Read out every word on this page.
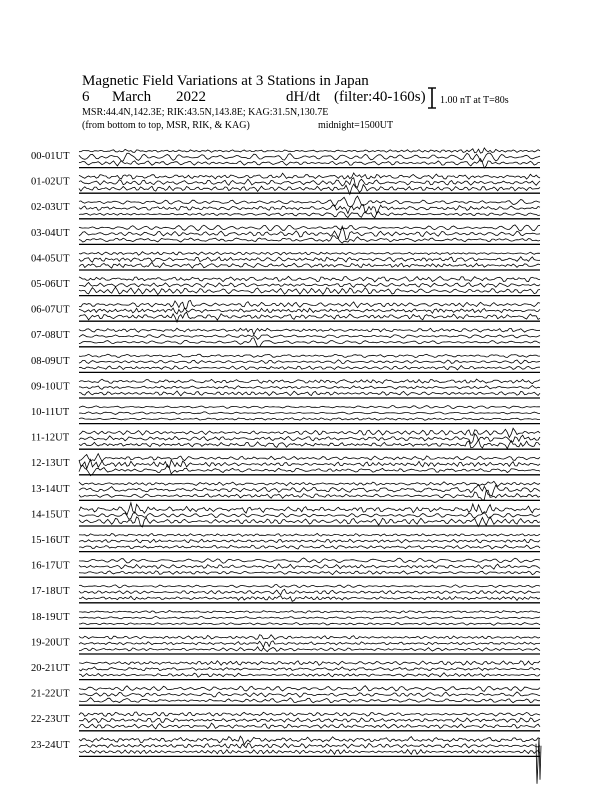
Magnetic Field Variations at 3 Stations in Japan
6 March 2022	dH/dt (filter:40-160s)
MSR:44.4N,142.3E; RIK:43.5N,143.8E; KAG:31.5N,130.7E
(from bottom to top, MSR, RIK, & KAG)	midnight=1500UT
1.00 nT at T=80s
00-01UT
01-02UT
02-03UT
03-04UT
04-05UT
05-06UT
06-07UT
07-08UT
08-09UT
09-10UT
10-11UT
11-12UT
12-13UT
13-14UT
14-15UT
15-16UT
16-17UT
17-18UT
18-19UT
19-20UT
20-21UT
21-22UT
22-23UT
23-24UT
